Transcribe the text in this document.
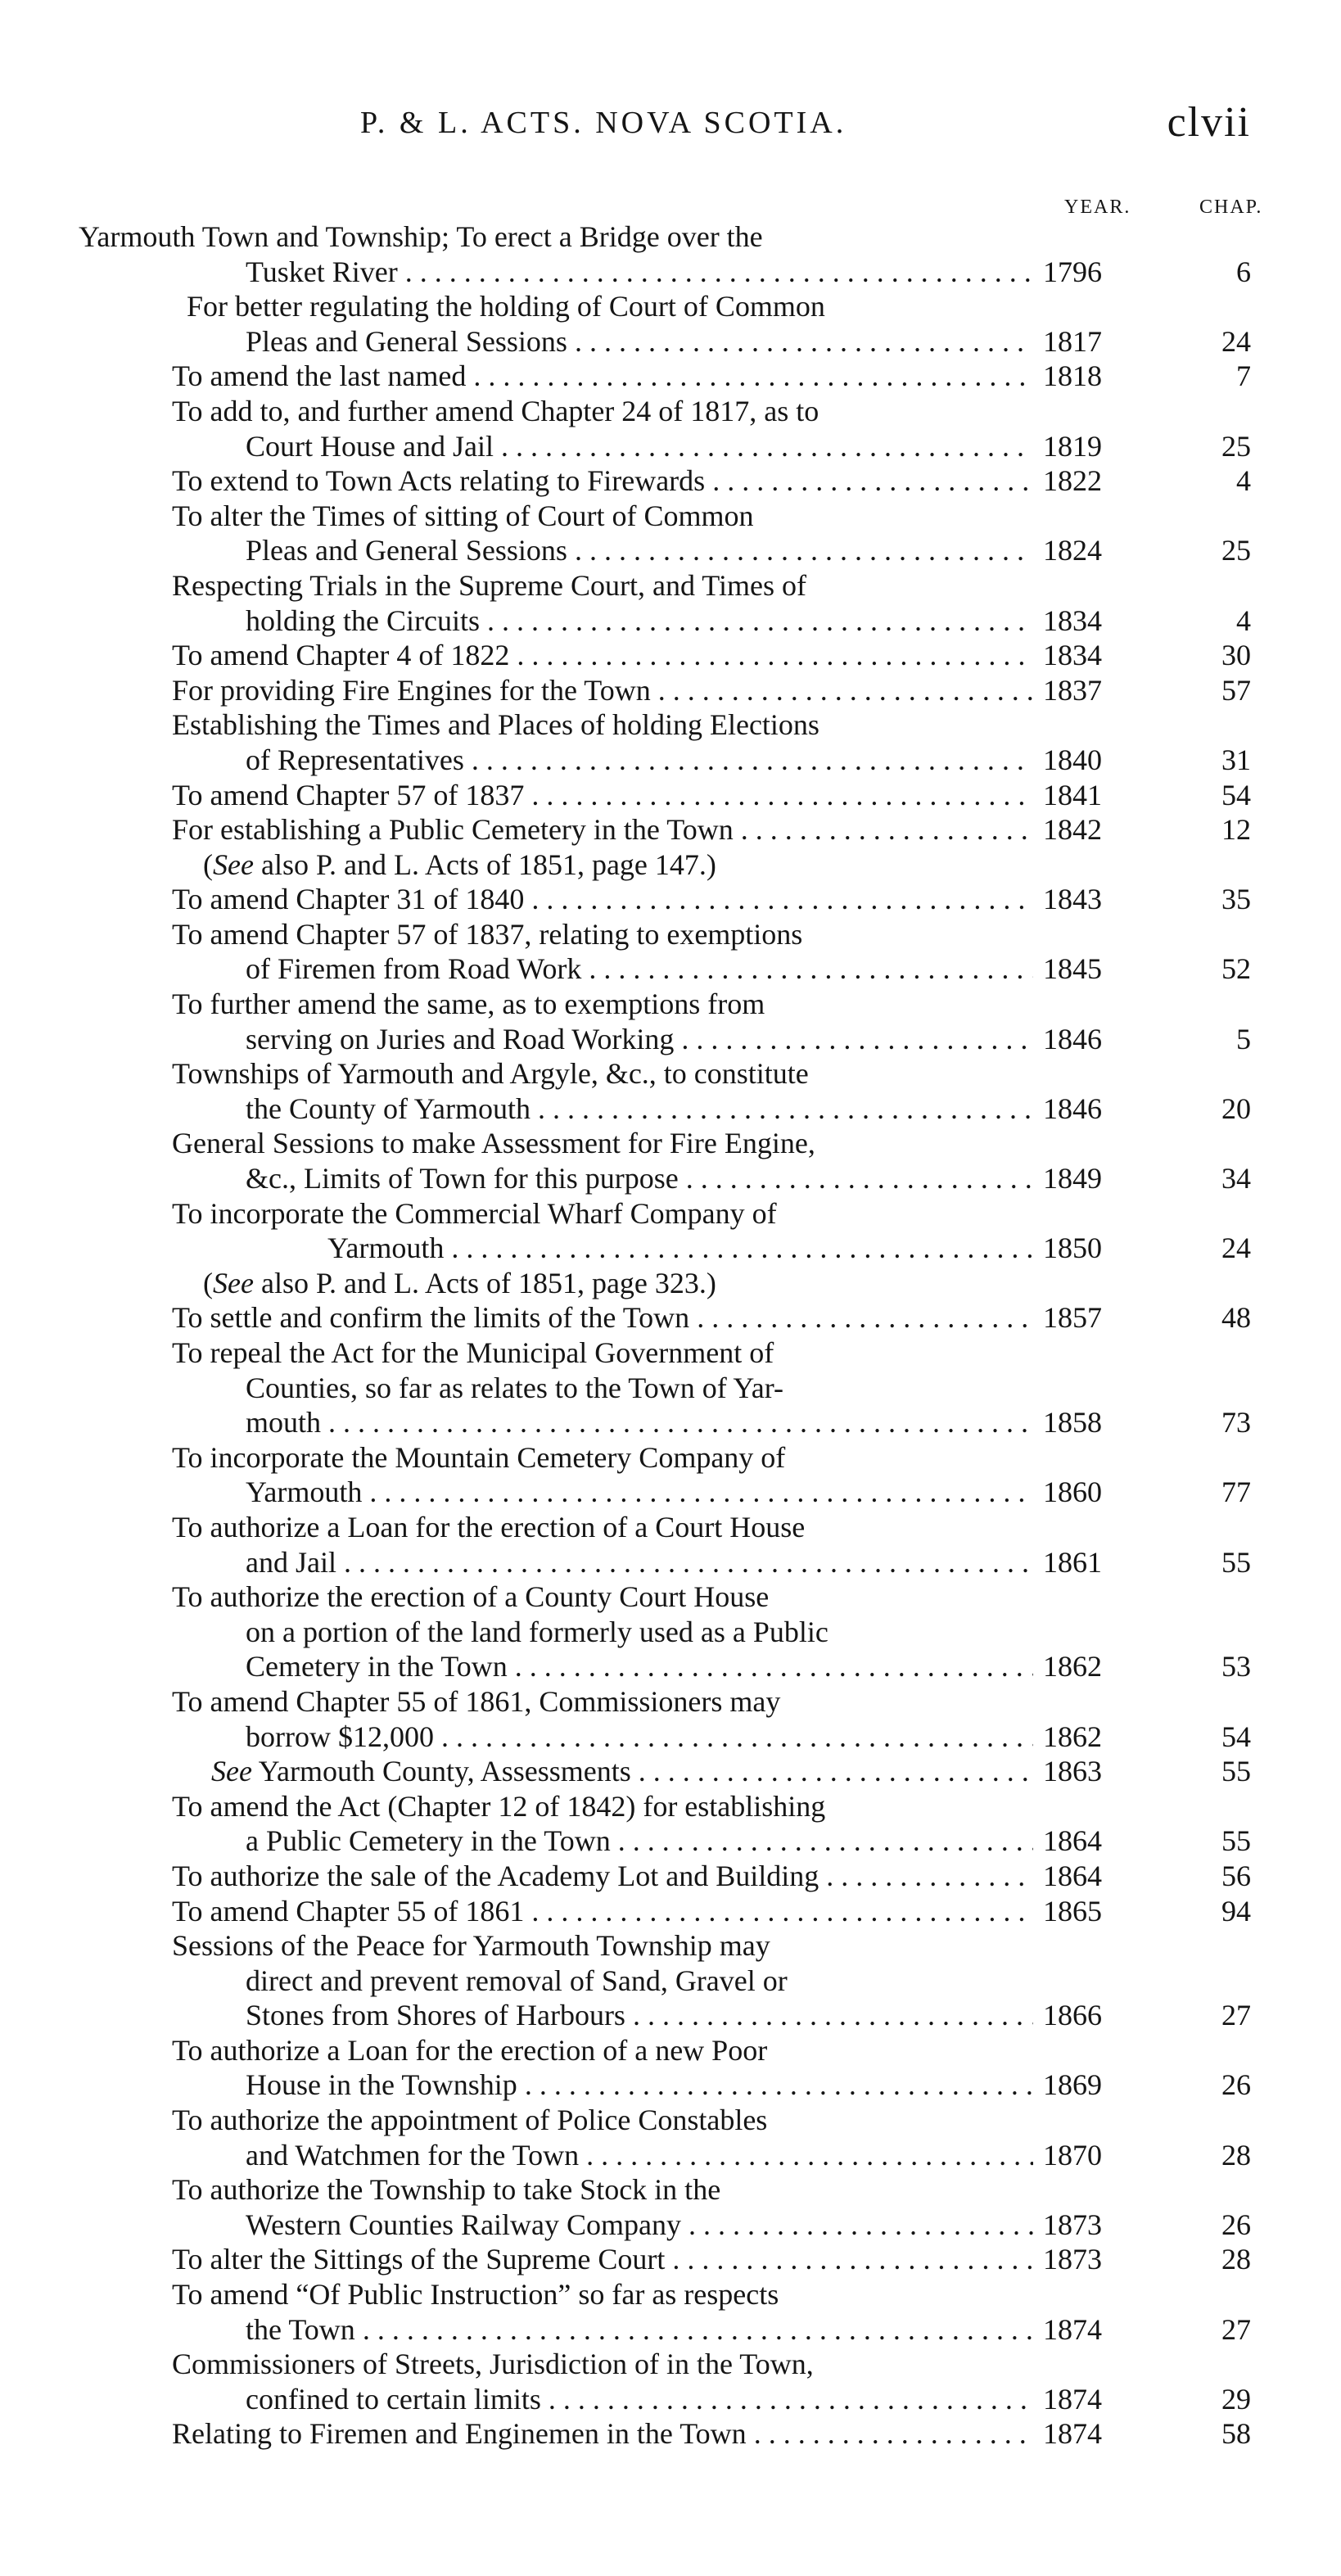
P. & L. ACTS. NOVA SCOTIA.	clvii
YEAR.	CHAP.
Yarmouth Town and Township; To erect a Bridge over the
Tusket River . . .	1796	6
For better regulating the holding of Court of Common
Pleas and General Sessions . . .	1817	24
To amend the last named . . .	1818	7
To add to, and further amend Chapter 24 of 1817, as to
Court House and Jail . . .	1819	25
To extend to Town Acts relating to Firewards . . .	1822	4
To alter the Times of sitting of Court of Common
Pleas and General Sessions . . .	1824	25
Respecting Trials in the Supreme Court, and Times of
holding the Circuits . . .	1834	4
To amend Chapter 4 of 1822 . . .	1834	30
For providing Fire Engines for the Town . . .	1837	57
Establishing the Times and Places of holding Elections
of Representatives . . .	1840	31
To amend Chapter 57 of 1837 . . .	1841	54
For establishing a Public Cemetery in the Town . . .	1842	12
(See also P. and L. Acts of 1851, page 147.)
To amend Chapter 31 of 1840 . . .	1843	35
To amend Chapter 57 of 1837, relating to exemptions
of Firemen from Road Work . . .	1845	52
To further amend the same, as to exemptions from
serving on Juries and Road Working . . .	1846	5
Townships of Yarmouth and Argyle, &c., to constitute
the County of Yarmouth . . .	1846	20
General Sessions to make Assessment for Fire Engine,
&c., Limits of Town for this purpose . . .	1849	34
To incorporate the Commercial Wharf Company of
Yarmouth . . .	1850	24
(See also P. and L. Acts of 1851, page 323.)
To settle and confirm the limits of the Town . . .	1857	48
To repeal the Act for the Municipal Government of
Counties, so far as relates to the Town of Yar-
mouth . . .	1858	73
To incorporate the Mountain Cemetery Company of
Yarmouth . . .	1860	77
To authorize a Loan for the erection of a Court House
and Jail . . .	1861	55
To authorize the erection of a County Court House
on a portion of the land formerly used as a Public
Cemetery in the Town . . .	1862	53
To amend Chapter 55 of 1861, Commissioners may
borrow $12,000 . . .	1862	54
See Yarmouth County, Assessments . . .	1863	55
To amend the Act (Chapter 12 of 1842) for establishing
a Public Cemetery in the Town . . .	1864	55
To authorize the sale of the Academy Lot and Building . . .	1864	56
To amend Chapter 55 of 1861 . . .	1865	94
Sessions of the Peace for Yarmouth Township may
direct and prevent removal of Sand, Gravel or
Stones from Shores of Harbours . . .	1866	27
To authorize a Loan for the erection of a new Poor
House in the Township . . .	1869	26
To authorize the appointment of Police Constables
and Watchmen for the Town . . .	1870	28
To authorize the Township to take Stock in the
Western Counties Railway Company . . .	1873	26
To alter the Sittings of the Supreme Court . . .	1873	28
To amend “Of Public Instruction” so far as respects
the Town . . .	1874	27
Commissioners of Streets, Jurisdiction of in the Town,
confined to certain limits . . .	1874	29
Relating to Firemen and Enginemen in the Town . . .	1874	58
